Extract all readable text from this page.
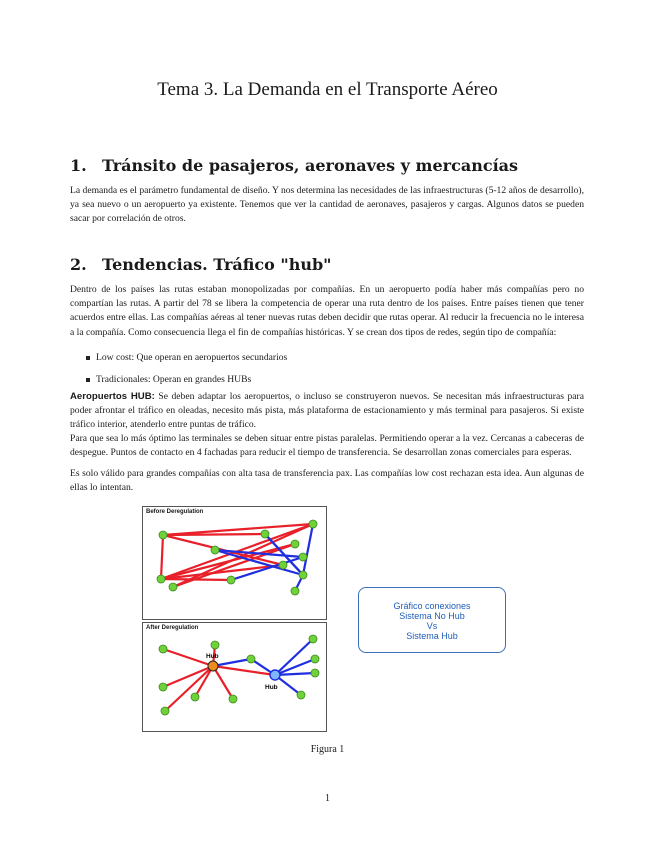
Tema 3. La Demanda en el Transporte Aéreo
1. Tránsito de pasajeros, aeronaves y mercancías
La demanda es el parámetro fundamental de diseño. Y nos determina las necesidades de las infraestructuras (5-12 años de desarrollo), ya sea nuevo o un aeropuerto ya existente. Tenemos que ver la cantidad de aeronaves, pasajeros y cargas. Algunos datos se pueden sacar por correlación de otros.
2. Tendencias. Tráfico "hub"
Dentro de los países las rutas estaban monopolizadas por compañías. En un aeropuerto podía haber más compañías pero no compartían las rutas. A partir del 78 se libera la competencia de operar una ruta dentro de los países. Entre países tienen que tener acuerdos entre ellas. Las compañías aéreas al tener nuevas rutas deben decidir que rutas operar. Al reducir la frecuencia no le interesa a la compañía. Como consecuencia llega el fin de compañías históricas. Y se crean dos tipos de redes, según tipo de compañía:
Low cost: Que operan en aeropuertos secundarios
Tradicionales: Operan en grandes HUBs
Aeropuertos HUB: Se deben adaptar los aeropuertos, o incluso se construyeron nuevos. Se necesitan más infraestructuras para poder afrontar el tráfico en oleadas, necesito más pista, más plataforma de estacionamiento y más terminal para pasajeros. Si existe tráfico interior, atenderlo entre puntas de tráfico.
Para que sea lo más óptimo las terminales se deben situar entre pistas paralelas. Permitiendo operar a la vez. Cercanas a cabeceras de despegue. Puntos de contacto en 4 fachadas para reducir el tiempo de transferencia. Se desarrollan zonas comerciales para esperas.
Es solo válido para grandes compañías con alta tasa de transferencia pax. Las compañías low cost rechazan esta idea. Aun algunas de ellas lo intentan.
Before Deregulation
After Deregulation
Hub
Hub
Gráfico conexiones
Sistema No Hub
Vs
Sistema Hub
Figura 1
1
